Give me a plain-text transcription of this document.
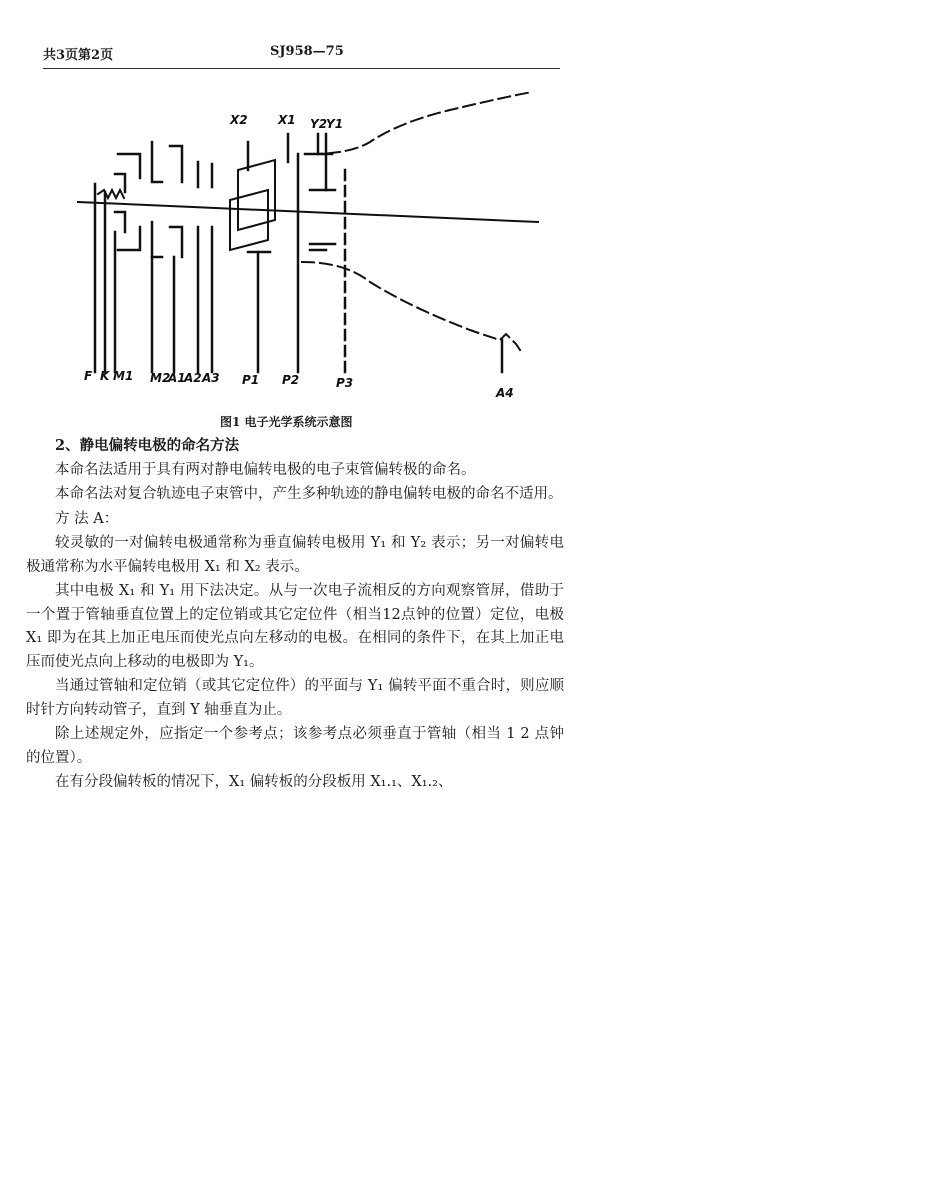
共3页第2页	SJ958—75
X2	X1 Y2
Y1
F K M1 M2
A1
A2 A3 P1 P2	P3
A4
图1 电子光学系统示意图

2、静电偏转电极的命名方法

本命名法适用于具有两对静电偏转电极的电子束管偏转极的命名。

本命名法对复合轨迹电子束管中，产生多种轨迹的静电偏转电极的命名不适用。

方 法 A：

较灵敏的一对偏转电极通常称为垂直偏转电极用 Y₁ 和 Y₂ 表示；另一对偏转电极通常称为水平偏转电极用 X₁ 和 X₂ 表示。

其中电极 X₁ 和 Y₁ 用下法决定。从与一次电子流相反的方向观察管屏，借助于一个置于管轴垂直位置上的定位销或其它定位件（相当12点钟的位置）定位，电极 X₁ 即为在其上加正电压而使光点向左移动的电极。在相同的条件下，在其上加正电压而使光点向上移动的电极即为 Y₁。

当通过管轴和定位销（或其它定位件）的平面与 Y₁ 偏转平面不重合时，则应顺时针方向转动管子，直到 Y 轴垂直为止。

除上述规定外，应指定一个参考点；该参考点必须垂直于管轴（相当 1 2 点钟的位置）。

在有分段偏转板的情况下，X₁ 偏转板的分段板用 X₁.₁、X₁.₂、
